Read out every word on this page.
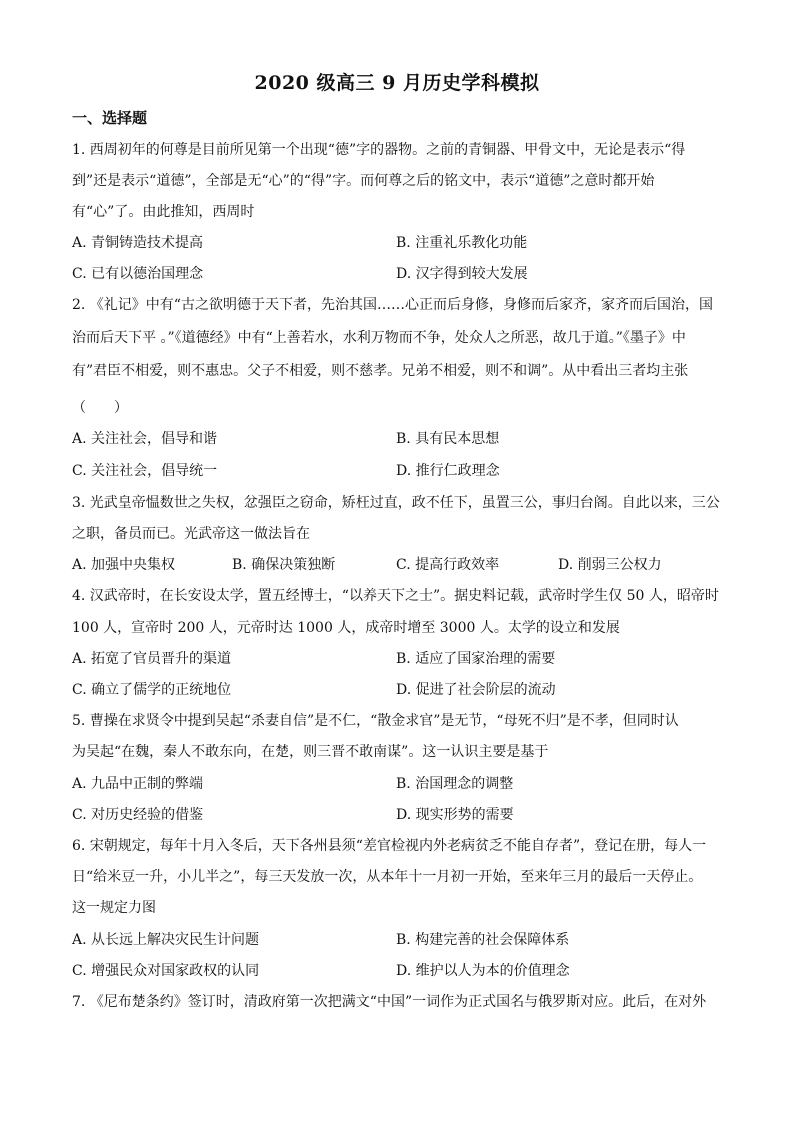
2020 级高三 9 月历史学科模拟
一、选择题
1. 西周初年的何尊是目前所见第一个出现“德”字的器物。之前的青铜器、甲骨文中，无论是表示“得
到”还是表示“道德”，全部是无“心”的“得”字。而何尊之后的铭文中，表示“道德”之意时都开始
有“心”了。由此推知，西周时
A. 青铜铸造技术提高	B. 注重礼乐教化功能
C. 已有以德治国理念	D. 汉字得到较大发展
2. 《礼记》中有“古之欲明德于天下者，先治其国……心正而后身修，身修而后家齐，家齐而后国治，国
治而后天下平 。”《道德经》中有“上善若水，水利万物而不争，处众人之所恶，故几于道。”《墨子》中
有”君臣不相爱，则不惠忠。父子不相爱，则不慈孝。兄弟不相爱，则不和调”。从中看出三者均主张
（　　）
A. 关注社会，倡导和谐	B. 具有民本思想
C. 关注社会，倡导统一	D. 推行仁政理念
3. 光武皇帝愠数世之失权，忿强臣之窃命，矫枉过直，政不任下，虽置三公，事归台阁。自此以来，三公
之职，备员而已。光武帝这一做法旨在
A. 加强中央集权	B. 确保决策独断	C. 提高行政效率	D. 削弱三公权力
4. 汉武帝时，在长安设太学，置五经博士，“以养天下之士”。据史料记载，武帝时学生仅 50 人，昭帝时
100 人，宣帝时 200 人，元帝时达 1000 人，成帝时增至 3000 人。太学的设立和发展
A. 拓宽了官员晋升的渠道	B. 适应了国家治理的需要
C. 确立了儒学的正统地位	D. 促进了社会阶层的流动
5. 曹操在求贤令中提到吴起“杀妻自信”是不仁，“散金求官”是无节，“母死不归”是不孝，但同时认
为吴起“在魏，秦人不敢东向，在楚，则三晋不敢南谋”。这一认识主要是基于
A. 九品中正制的弊端	B. 治国理念的调整
C. 对历史经验的借鉴	D. 现实形势的需要
6. 宋朝规定，每年十月入冬后，天下各州县须“差官检视内外老病贫乏不能自存者”，登记在册，每人一
日“给米豆一升，小儿半之”，每三天发放一次，从本年十一月初一开始，至来年三月的最后一天停止。
这一规定力图
A. 从长远上解决灾民生计问题	B. 构建完善的社会保障体系
C. 增强民众对国家政权的认同	D. 维护以人为本的价值理念
7. 《尼布楚条约》签订时，清政府第一次把满文“中国”一词作为正式国名与俄罗斯对应。此后，在对外
